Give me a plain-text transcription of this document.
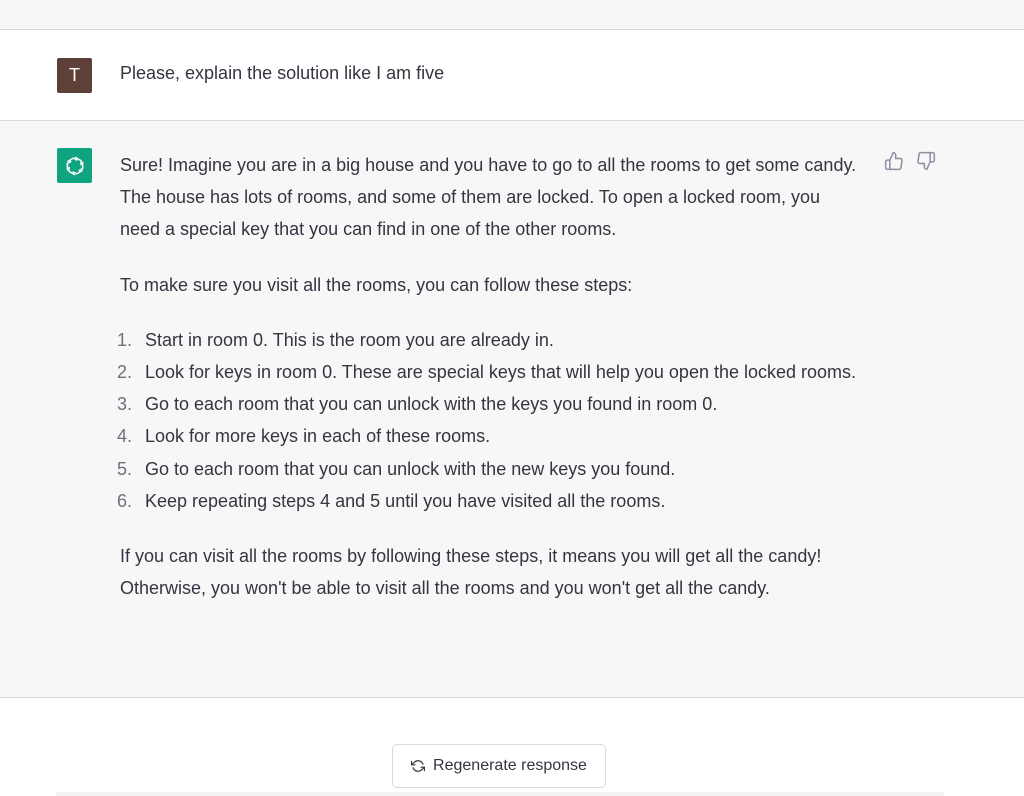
T	Please, explain the solution like I am five

Sure! Imagine you are in a big house and you have to go to all the rooms to get some candy. The house has lots of rooms, and some of them are locked. To open a locked room, you need a special key that you can find in one of the other rooms.

To make sure you visit all the rooms, you can follow these steps:

1. Start in room 0. This is the room you are already in.
2. Look for keys in room 0. These are special keys that will help you open the locked rooms.
3. Go to each room that you can unlock with the keys you found in room 0.
4. Look for more keys in each of these rooms.
5. Go to each room that you can unlock with the new keys you found.
6. Keep repeating steps 4 and 5 until you have visited all the rooms.

If you can visit all the rooms by following these steps, it means you will get all the candy! Otherwise, you won't be able to visit all the rooms and you won't get all the candy.

Regenerate response
